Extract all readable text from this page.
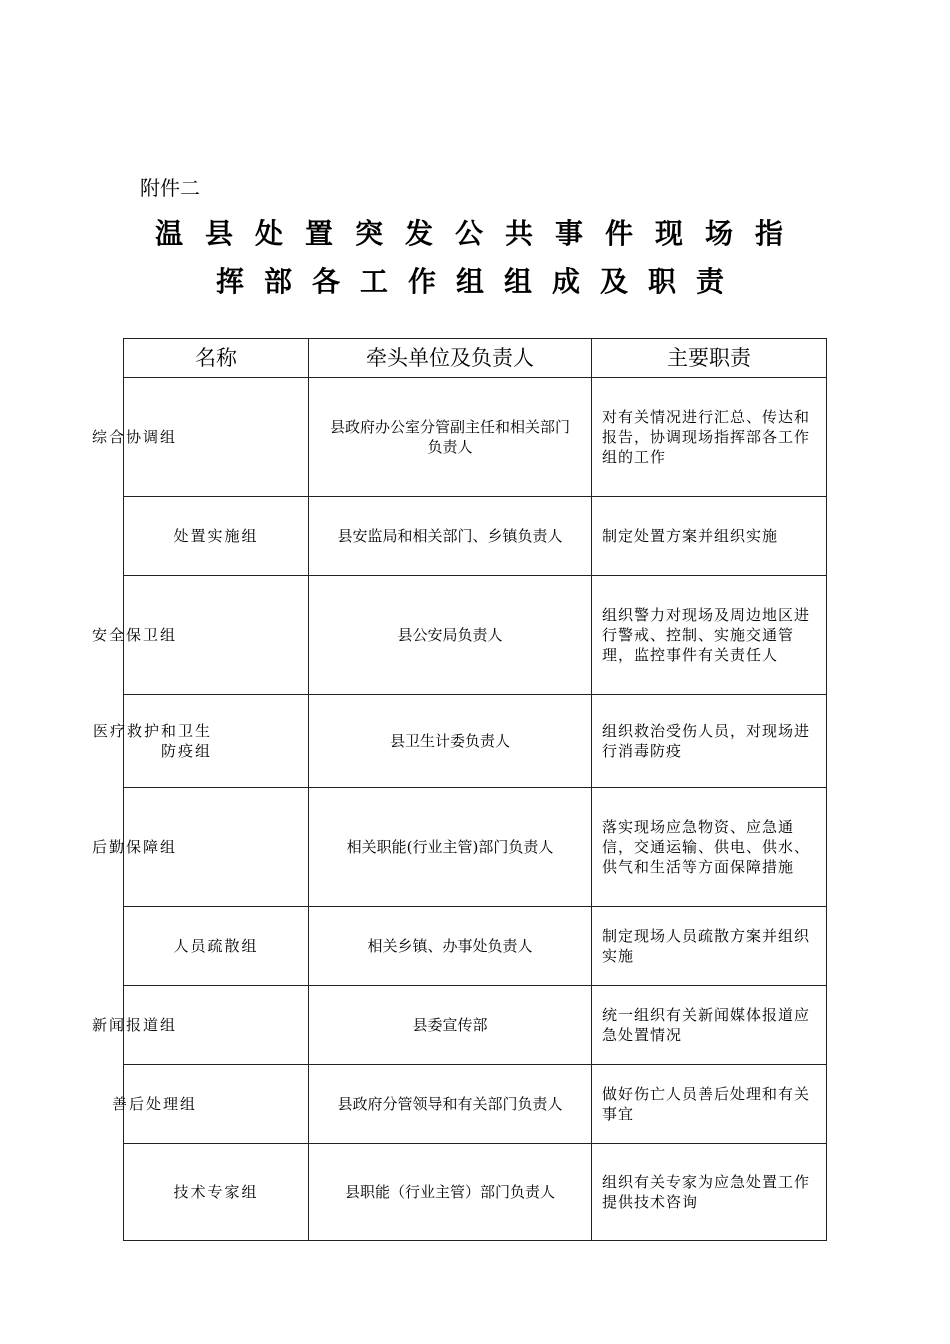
附件二
温县处置突发公共事件现场指
挥部各工作组组成及职责
名称	牵头单位及负责人	主要职责

综合协调组	县政府办公室分管副主任和相关部门负责人	对有关情况进行汇总、传达和报告，协调现场指挥部各工作组的工作

处置实施组	县安监局和相关部门、乡镇负责人	制定处置方案并组织实施

安全保卫组	县公安局负责人	组织警力对现场及周边地区进行警戒、控制、实施交通管理，监控事件有关责任人

医疗救护和卫生防疫组	县卫生计委负责人	组织救治受伤人员，对现场进行消毒防疫

后勤保障组	相关职能(行业主管)部门负责人	落实现场应急物资、应急通信，交通运输、供电、供水、供气和生活等方面保障措施

人员疏散组	相关乡镇、办事处负责人	制定现场人员疏散方案并组织实施

新闻报道组	县委宣传部	统一组织有关新闻媒体报道应急处置情况

善后处理组	县政府分管领导和有关部门负责人	做好伤亡人员善后处理和有关事宜

技术专家组	县职能（行业主管）部门负责人	组织有关专家为应急处置工作提供技术咨询
